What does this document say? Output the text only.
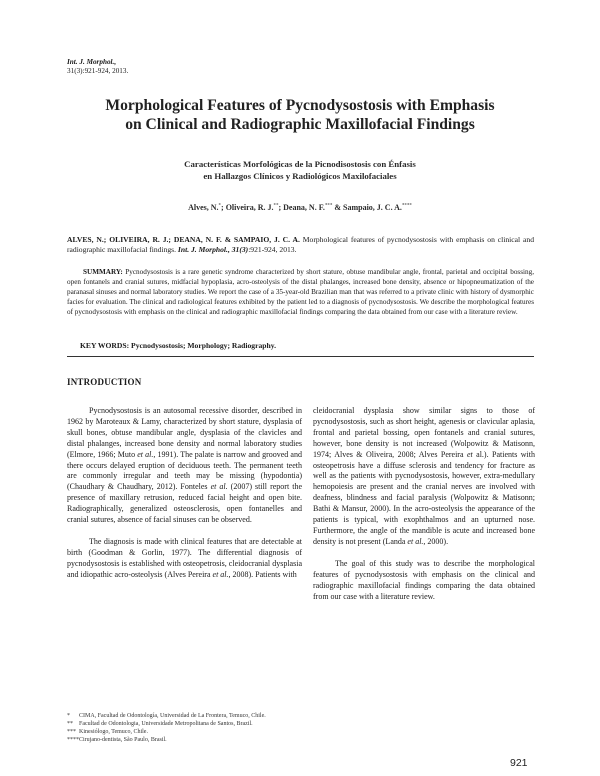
Int. J. Morphol.,
31(3):921-924, 2013.
Morphological Features of Pycnodysostosis with Emphasis
on Clinical and Radiographic Maxillofacial Findings
Características Morfológicas de la Picnodisostosis con Énfasis
en Hallazgos Clínicos y Radiológicos Maxilofaciales
Alves, N.*; Oliveira, R. J.**; Deana, N. F.*** & Sampaio, J. C. A.****
ALVES, N.; OLIVEIRA, R. J.; DEANA, N. F. & SAMPAIO, J. C. A. Morphological features of pycnodysostosis with emphasis on clinical and radiographic maxillofacial findings. Int. J. Morphol., 31(3):921-924, 2013.
SUMMARY: Pycnodysostosis is a rare genetic syndrome characterized by short stature, obtuse mandibular angle, frontal, parietal and occipital bossing, open fontanels and cranial sutures, midfacial hypoplasia, acro-osteolysis of the distal phalanges, increased bone density, absence or hipopneumatization of the paranasal sinuses and normal laboratory studies. We report the case of a 35-year-old Brazilian man that was referred to a private clinic with history of dysmorphic facies for evaluation. The clinical and radiological features exhibited by the patient led to a diagnosis of pycnodysostosis. We describe the morphological features of pycnodysostosis with emphasis on the clinical and radiographic maxillofacial findings comparing the data obtained from our case with a literature review.
KEY WORDS: Pycnodysostosis; Morphology; Radiography.
INTRODUCTION

Pycnodysostosis is an autosomal recessive disorder, described in 1962 by Maroteaux & Lamy, characterized by short stature, dysplasia of skull bones, obtuse mandibular angle, dysplasia of the clavicles and distal phalanges, increased bone density and normal laboratory studies (Elmore, 1966; Muto et al., 1991). The palate is narrow and grooved and there occurs delayed eruption of deciduous teeth. The permanent teeth are commonly irregular and teeth may be missing (hypodontia) (Chaudhary & Chaudhary, 2012). Fonteles et al. (2007) still report the presence of maxillary retrusion, reduced facial height and open bite. Radiographically, generalized osteosclerosis, open fontanelles and cranial sutures, absence of facial sinuses can be observed.

The diagnosis is made with clinical features that are detectable at birth (Goodman & Gorlin, 1977). The differential diagnosis of pycnodysostosis is established with osteopetrosis, cleidocranial dysplasia and idiopathic acro-osteolysis (Alves Pereira et al., 2008). Patients with

cleidocranial dysplasia show similar signs to those of pycnodysostosis, such as short height, agenesis or clavicular aplasia, frontal and parietal bossing, open fontanels and cranial sutures, however, bone density is not increased (Wolpowitz & Matisonn, 1974; Alves & Oliveira, 2008; Alves Pereira et al.). Patients with osteopetrosis have a diffuse sclerosis and tendency for fracture as well as the patients with pycnodysostosis, however, extra-medullary hemopoiesis are present and the cranial nerves are involved with deafness, blindness and facial paralysis (Wolpowitz & Matisonn; Bathi & Mansur, 2000). In the acro-osteolysis the appearance of the patients is typical, with exophthalmos and an upturned nose. Furthermore, the angle of the mandible is acute and increased bone density is not present (Landa et al., 2000).

The goal of this study was to describe the morphological features of pycnodysostosis with emphasis on the clinical and radiographic maxillofacial findings comparing the data obtained from our case with a literature review.

* CIMA, Facultad de Odontología, Universidad de La Frontera, Temuco, Chile.
** Facultad de Odontologia, Universidade Metropolitana de Santos, Brazil.
*** Kinesiólogo, Temuco, Chile.
****Cirujano-dentista, São Paulo, Brasil.
921
